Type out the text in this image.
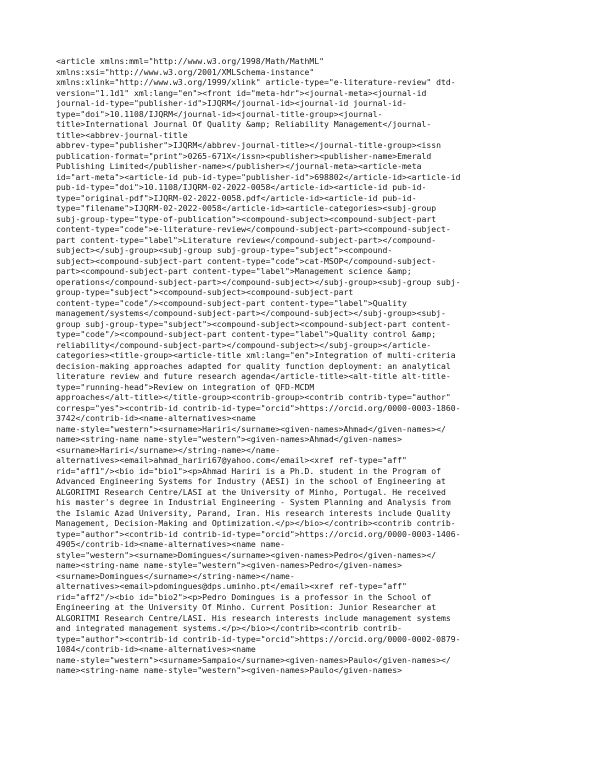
<article xmlns:mml="http://www.w3.org/1998/Math/MathML"
xmlns:xsi="http://www.w3.org/2001/XMLSchema-instance"
xmlns:xlink="http://www.w3.org/1999/xlink" article-type="e-literature-review" dtd-
version="1.1d1" xml:lang="en"><front id="meta-hdr"><journal-meta><journal-id
journal-id-type="publisher-id">IJQRM</journal-id><journal-id journal-id-
type="doi">10.1108/IJQRM</journal-id><journal-title-group><journal-
title>International Journal Of Quality &amp; Reliability Management</journal-
title><abbrev-journal-title
abbrev-type="publisher">IJQRM</abbrev-journal-title></journal-title-group><issn
publication-format="print">0265-671X</issn><publisher><publisher-name>Emerald
Publishing Limited</publisher-name></publisher></journal-meta><article-meta
id="art-meta"><article-id pub-id-type="publisher-id">698802</article-id><article-id
pub-id-type="doi">10.1108/IJQRM-02-2022-0058</article-id><article-id pub-id-
type="original-pdf">IJQRM-02-2022-0058.pdf</article-id><article-id pub-id-
type="filename">IJQRM-02-2022-0058</article-id><article-categories><subj-group
subj-group-type="type-of-publication"><compound-subject><compound-subject-part
content-type="code">e-literature-review</compound-subject-part><compound-subject-
part content-type="label">Literature review</compound-subject-part></compound-
subject></subj-group><subj-group subj-group-type="subject"><compound-
subject><compound-subject-part content-type="code">cat-MSOP</compound-subject-
part><compound-subject-part content-type="label">Management science &amp;
operations</compound-subject-part></compound-subject></subj-group><subj-group subj-
group-type="subject"><compound-subject><compound-subject-part
content-type="code"/><compound-subject-part content-type="label">Quality
management/systems</compound-subject-part></compound-subject></subj-group><subj-
group subj-group-type="subject"><compound-subject><compound-subject-part content-
type="code"/><compound-subject-part content-type="label">Quality control &amp;
reliability</compound-subject-part></compound-subject></subj-group></article-
categories><title-group><article-title xml:lang="en">Integration of multi-criteria
decision-making approaches adapted for quality function deployment: an analytical
literature review and future research agenda</article-title><alt-title alt-title-
type="running-head">Review on integration of QFD-MCDM
approaches</alt-title></title-group><contrib-group><contrib contrib-type="author"
corresp="yes"><contrib-id contrib-id-type="orcid">https://orcid.org/0000-0003-1860-
3742</contrib-id><name-alternatives><name
name-style="western"><surname>Hariri</surname><given-names>Ahmad</given-names></
name><string-name name-style="western"><given-names>Ahmad</given-names>
<surname>Hariri</surname></string-name></name-
alternatives><email>ahmad_hariri67@yahoo.com</email><xref ref-type="aff"
rid="aff1"/><bio id="bio1"><p>Ahmad Hariri is a Ph.D. student in the Program of
Advanced Engineering Systems for Industry (AESI) in the school of Engineering at
ALGORITMI Research Centre/LASI at the University of Minho, Portugal. He received
his master's degree in Industrial Engineering - System Planning and Analysis from
the Islamic Azad University, Parand, Iran. His research interests include Quality
Management, Decision-Making and Optimization.</p></bio></contrib><contrib contrib-
type="author"><contrib-id contrib-id-type="orcid">https://orcid.org/0000-0003-1406-
4905</contrib-id><name-alternatives><name name-
style="western"><surname>Domingues</surname><given-names>Pedro</given-names></
name><string-name name-style="western"><given-names>Pedro</given-names>
<surname>Domingues</surname></string-name></name-
alternatives><email>pdomingues@dps.uminho.pt</email><xref ref-type="aff"
rid="aff2"/><bio id="bio2"><p>Pedro Domingues is a professor in the School of
Engineering at the University Of Minho. Current Position: Junior Researcher at
ALGORITMI Research Centre/LASI. His research interests include management systems
and integrated management systems.</p></bio></contrib><contrib contrib-
type="author"><contrib-id contrib-id-type="orcid">https://orcid.org/0000-0002-0879-
1084</contrib-id><name-alternatives><name
name-style="western"><surname>Sampaio</surname><given-names>Paulo</given-names></
name><string-name name-style="western"><given-names>Paulo</given-names>
